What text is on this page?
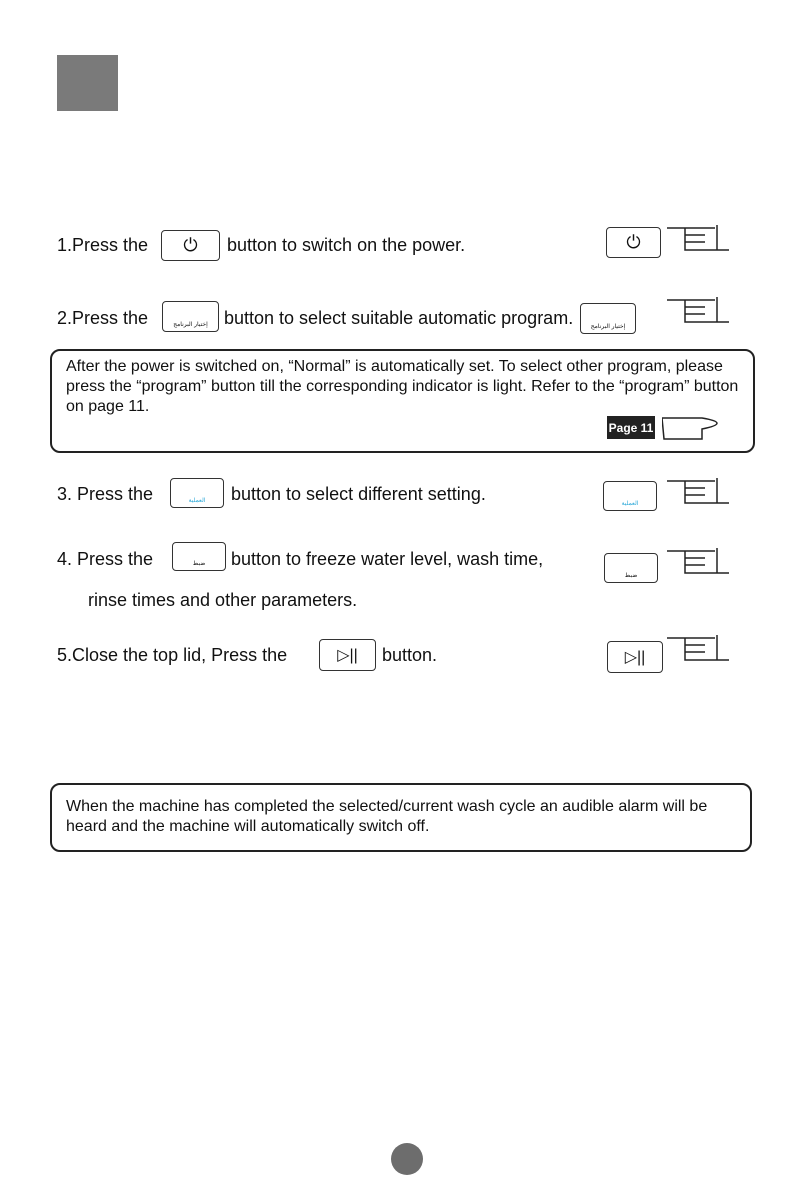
1.Press the	⏻	button to switch on the power.	⏻
2.Press the	إختيار البرنامج button to select suitable automatic program.	إختيار البرنامج
After the power is switched on, “Normal” is automatically set. To select other program, please press the “program” button till the corresponding indicator is light. Refer to the “program” button on page 11.
Page 11
3. Press the	العملية	button to select different setting.	العملية
4. Press the	ضبط	button to freeze water level, wash time,
rinse times and other parameters.
ضبط
5.Close the top lid, Press the	▷||	button.	▷||
When the machine has completed the selected/current wash cycle an audible alarm will be heard and the machine will automatically switch off.
